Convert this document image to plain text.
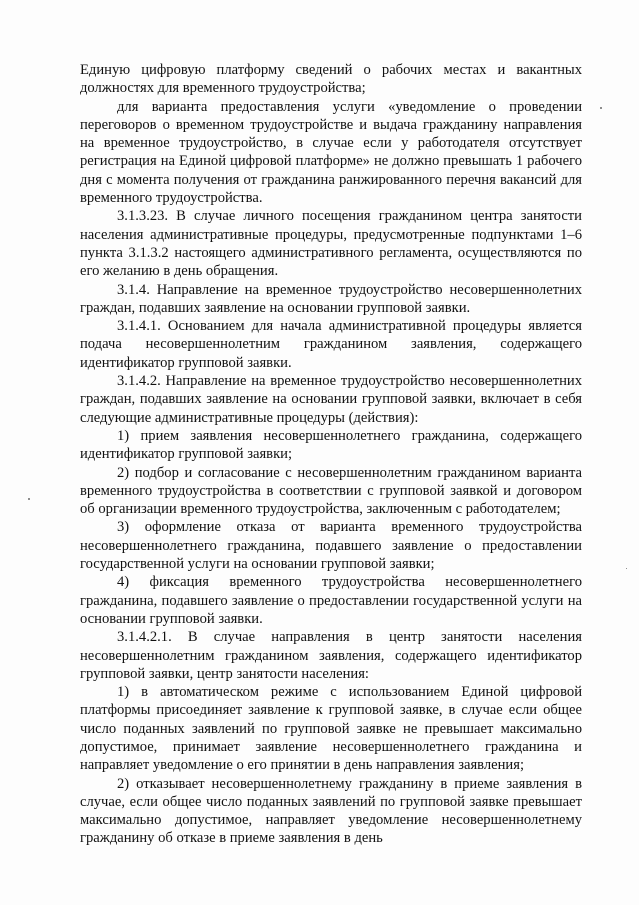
Единую цифровую платформу сведений о рабочих местах и вакантных должностях для временного трудоустройства;

для варианта предоставления услуги «уведомление о проведении переговоров о временном трудоустройстве и выдача гражданину направления на временное трудоустройство, в случае если у работодателя отсутствует регистрация на Единой цифровой платформе» не должно превышать 1 рабочего дня с момента получения от гражданина ранжированного перечня вакансий для временного трудоустройства.

3.1.3.23. В случае личного посещения гражданином центра занятости населения административные процедуры, предусмотренные подпунктами 1–6 пункта 3.1.3.2 настоящего административного регламента, осуществляются по его желанию в день обращения.

3.1.4. Направление на временное трудоустройство несовершеннолетних граждан, подавших заявление на основании групповой заявки.

3.1.4.1. Основанием для начала административной процедуры является подача несовершеннолетним гражданином заявления, содержащего идентификатор групповой заявки.

3.1.4.2. Направление на временное трудоустройство несовершеннолетних граждан, подавших заявление на основании групповой заявки, включает в себя следующие административные процедуры (действия):

1) прием заявления несовершеннолетнего гражданина, содержащего идентификатор групповой заявки;

2) подбор и согласование с несовершеннолетним гражданином варианта временного трудоустройства в соответствии с групповой заявкой и договором об организации временного трудоустройства, заключенным с работодателем;

3) оформление отказа от варианта временного трудоустройства несовершеннолетнего гражданина, подавшего заявление о предоставлении государственной услуги на основании групповой заявки;

4) фиксация временного трудоустройства несовершеннолетнего гражданина, подавшего заявление о предоставлении государственной услуги на основании групповой заявки.

3.1.4.2.1. В случае направления в центр занятости населения несовершеннолетним гражданином заявления, содержащего идентификатор групповой заявки, центр занятости населения:

1) в автоматическом режиме с использованием Единой цифровой платформы присоединяет заявление к групповой заявке, в случае если общее число поданных заявлений по групповой заявке не превышает максимально допустимое, принимает заявление несовершеннолетнего гражданина и направляет уведомление о его принятии в день направления заявления;

2) отказывает несовершеннолетнему гражданину в приеме заявления в случае, если общее число поданных заявлений по групповой заявке превышает максимально допустимое, направляет уведомление несовершеннолетнему гражданину об отказе в приеме заявления в день
